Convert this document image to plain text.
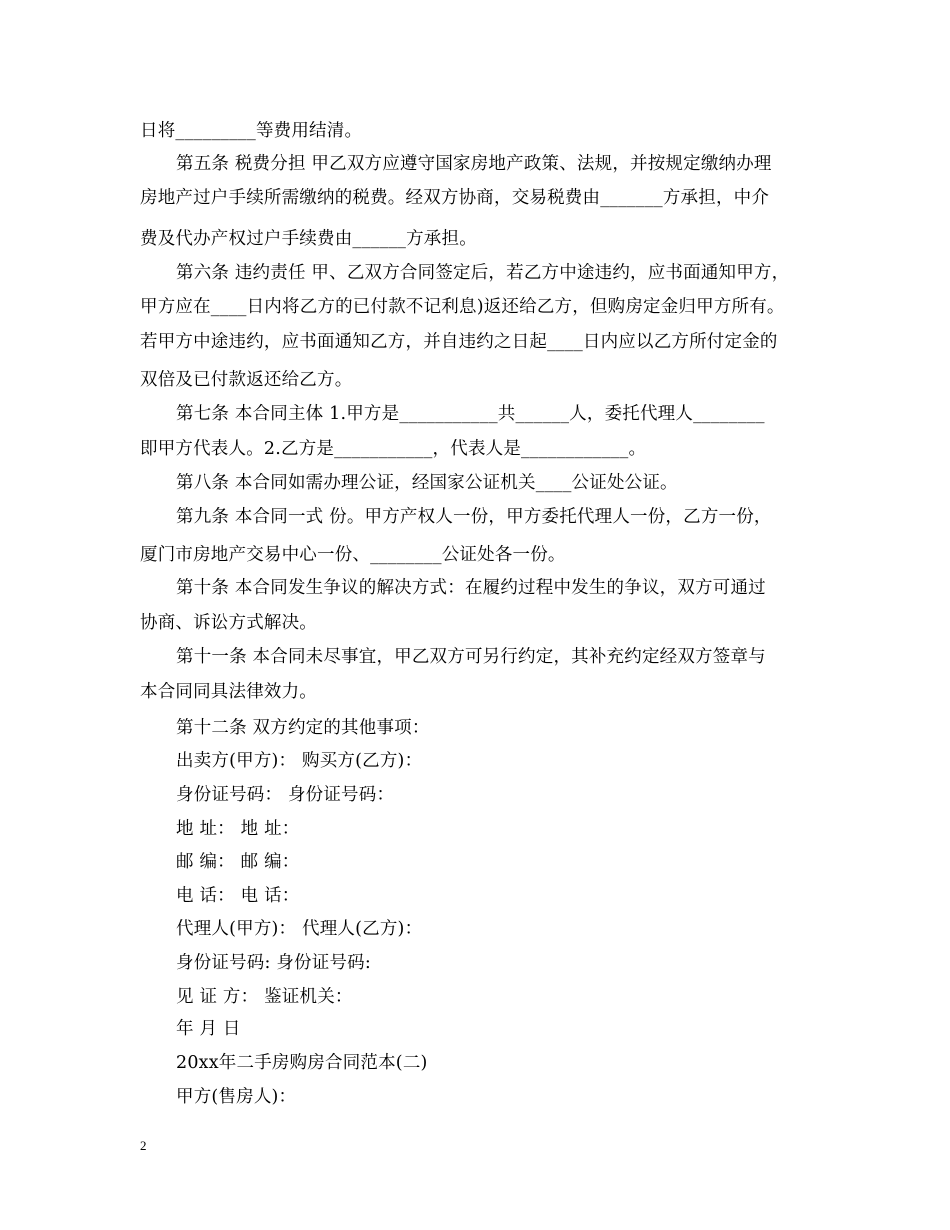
日将_________等费用结清。
第五条 税费分担 甲乙双方应遵守国家房地产政策、法规，并按规定缴纳办理
房地产过户手续所需缴纳的税费。经双方协商，交易税费由_______方承担，中介
费及代办产权过户手续费由______方承担。
第六条 违约责任 甲、乙双方合同签定后，若乙方中途违约，应书面通知甲方，
甲方应在____日内将乙方的已付款不记利息)返还给乙方，但购房定金归甲方所有。
若甲方中途违约，应书面通知乙方，并自违约之日起____日内应以乙方所付定金的
双倍及已付款返还给乙方。
第七条 本合同主体 1.甲方是___________共______人，委托代理人________
即甲方代表人。2.乙方是___________，代表人是____________。
第八条 本合同如需办理公证，经国家公证机关____公证处公证。
第九条 本合同一式 份。甲方产权人一份，甲方委托代理人一份，乙方一份，
厦门市房地产交易中心一份、________公证处各一份。
第十条 本合同发生争议的解决方式：在履约过程中发生的争议，双方可通过
协商、诉讼方式解决。
第十一条 本合同未尽事宜，甲乙双方可另行约定，其补充约定经双方签章与
本合同同具法律效力。
第十二条 双方约定的其他事项：
出卖方(甲方)： 购买方(乙方)：
身份证号码： 身份证号码：
地 址： 地 址：
邮 编： 邮 编：
电 话： 电 话：
代理人(甲方)： 代理人(乙方)：
身份证号码: 身份证号码:
见 证 方： 鉴证机关：
年 月 日
20xx年二手房购房合同范本(二)
甲方(售房人)：
2
